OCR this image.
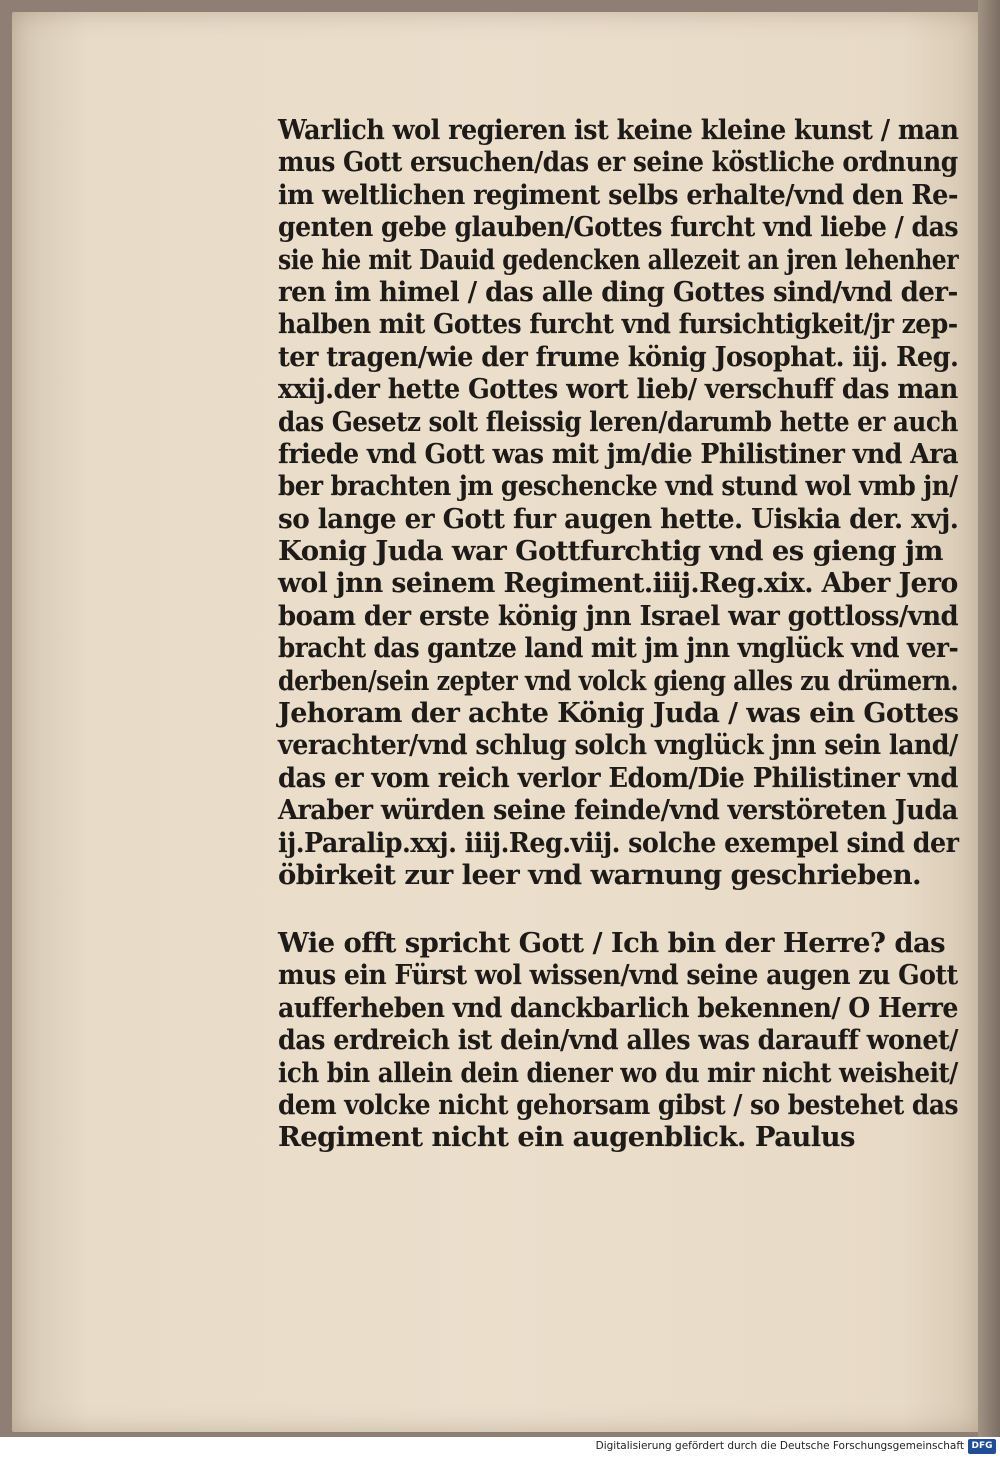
Warlich wol regieren ist keine kleine kunst / man
mus Gott ersuchen/das er seine köstliche ordnung
im weltlichen regiment selbs erhalte/vnd den Re-
genten gebe glauben/Gottes furcht vnd liebe / das
sie hie mit Dauid gedencken allezeit an jren lehenher
ren im himel / das alle ding Gottes sind/vnd der-
halben mit Gottes furcht vnd fursichtigkeit/jr zep-
ter tragen/wie der frume könig Josophat. iij. Reg.
xxij.der hette Gottes wort lieb/ verschuff das man
das Gesetz solt fleissig leren/darumb hette er auch
friede vnd Gott was mit jm/die Philistiner vnd Ara
ber brachten jm geschencke vnd stund wol vmb jn/
so lange er Gott fur augen hette. Uiskia der. xvj.
Konig Juda war Gottfurchtig vnd es gieng jm
wol jnn seinem Regiment.iiij.Reg.xix. Aber Jero
boam der erste könig jnn Israel war gottloss/vnd
bracht das gantze land mit jm jnn vnglück vnd ver-
derben/sein zepter vnd volck gieng alles zu drümern.
Jehoram der achte König Juda / was ein Gottes
verachter/vnd schlug solch vnglück jnn sein land/
das er vom reich verlor Edom/Die Philistiner vnd
Araber würden seine feinde/vnd verstöreten Juda
ij.Paralip.xxj. iiij.Reg.viij. solche exempel sind der
öbirkeit zur leer vnd warnung geschrieben.
Wie offt spricht Gott / Ich bin der Herre? das
mus ein Fürst wol wissen/vnd seine augen zu Gott
aufferheben vnd danckbarlich bekennen/ O Herre
das erdreich ist dein/vnd alles was darauff wonet/
ich bin allein dein diener wo du mir nicht weisheit/
dem volcke nicht gehorsam gibst / so bestehet das
Regiment nicht ein augenblick. Paulus
Digitalisierung gefördert durch die Deutsche Forschungsgemeinschaft DFG
